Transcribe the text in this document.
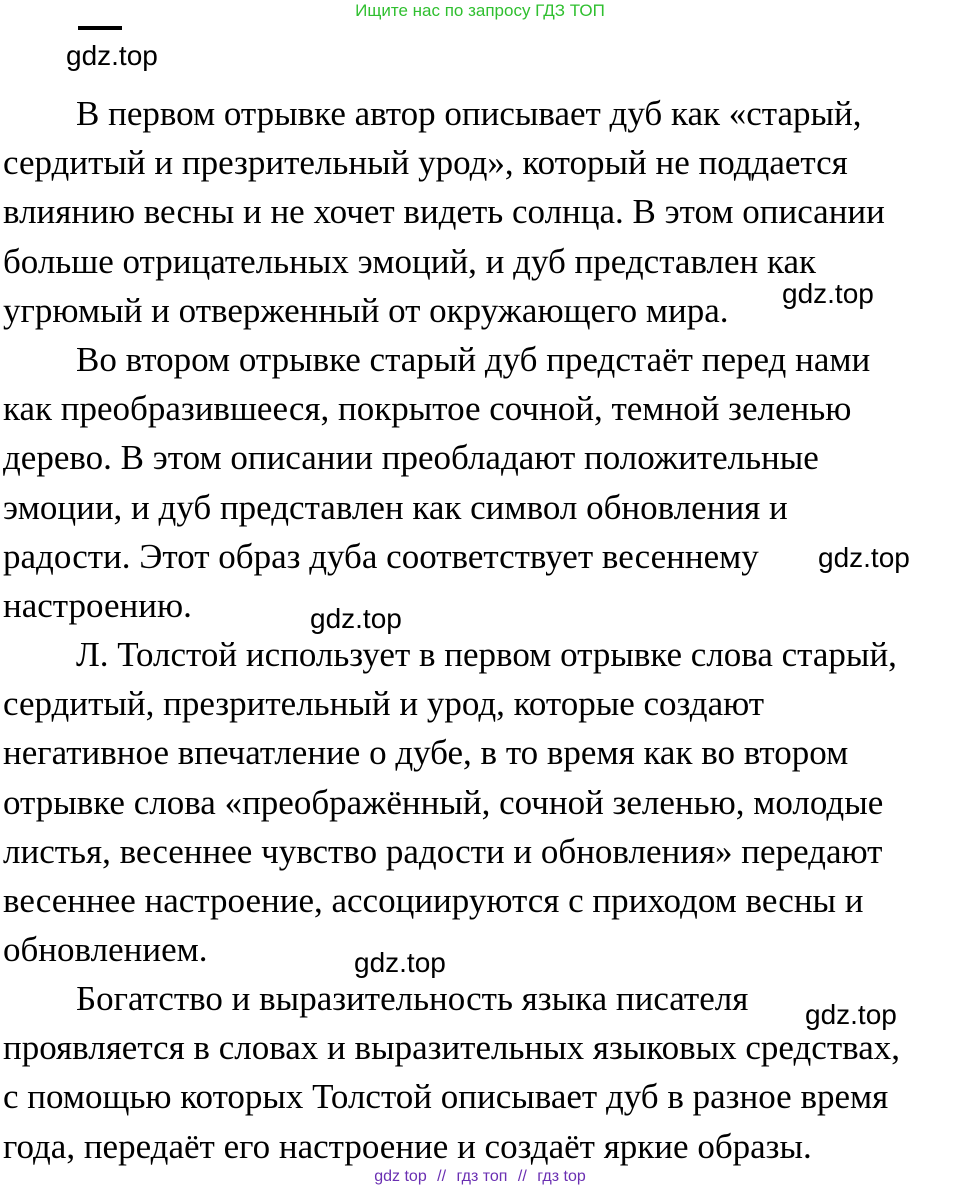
Ищите нас по запросу ГДЗ ТОП
gdz.top
В первом отрывке автор описывает дуб как «старый,
сердитый и презрительный урод», который не поддается
влиянию весны и не хочет видеть солнца. В этом описании
больше отрицательных эмоций, и дуб представлен как
угрюмый и отверженный от окружающего мира.	gdz.top
Во втором отрывке старый дуб предстаёт перед нами
как преобразившееся, покрытое сочной, темной зеленью
дерево. В этом описании преобладают положительные
эмоции, и дуб представлен как символ обновления и
радости. Этот образ дуба соответствует весеннему
настроению.
gdz.top
gdz.top
Л. Толстой использует в первом отрывке слова старый,
сердитый, презрительный и урод, которые создают
негативное впечатление о дубе, в то время как во втором
отрывке слова «преображённый, сочной зеленью, молодые
листья, весеннее чувство радости и обновления» передают
весеннее настроение, ассоциируются с приходом весны и
обновлением.	gdz.top
gdz.top
Богатство и выразительность языка писателя
проявляется в словах и выразительных языковых средствах,
с помощью которых Толстой описывает дуб в разное время
года, передаёт его настроение и создаёт яркие образы.
gdz top // гдз топ // гдз top
